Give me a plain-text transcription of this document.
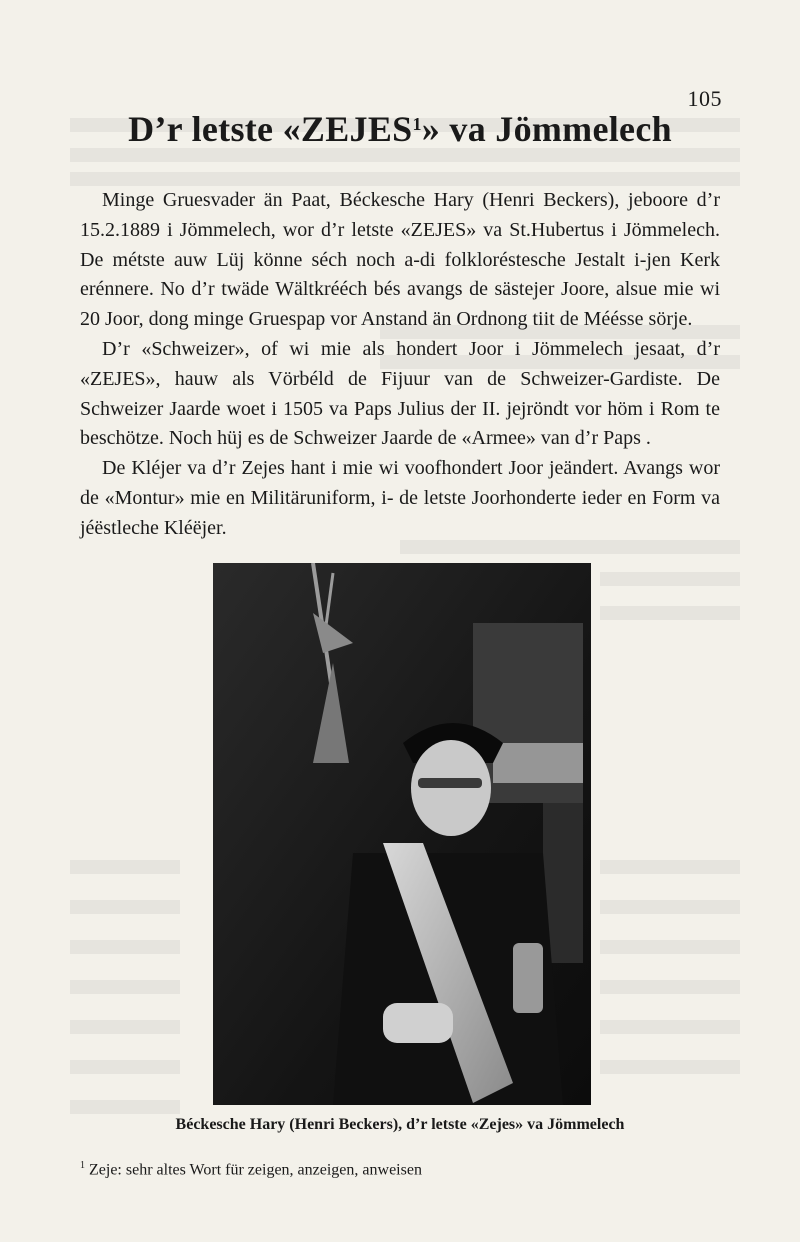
105
D’r letste «ZEJES$^1$» va Jömmelech

Minge Gruesvader än Paat, Béckesche Hary (Henri Beckers), jeboore d’r 15.2.1889 i Jömmelech, wor d’r letste «ZEJES» va St.Hubertus i Jömmelech. De métste auw Lüj könne séch noch a-di folkloréstesche Jestalt i-jen Kerk erénnere. No d’r twäde Wältkrééch bés avangs de sästejer Joore, alsue mie wi 20 Joor, dong minge Gruespap vor Anstand än Ordnong tiit de Méésse sörje.

D’r «Schweizer», of wi mie als hondert Joor i Jömmelech jesaat, d’r «ZEJES», hauw als Vörbéld de Fijuur van de Schweizer-Gardiste. De Schweizer Jaarde woet i 1505 va Paps Julius der II. jejröndt vor höm i Rom te beschötze. Noch hüj es de Schweizer Jaarde de «Armee» van d’r Paps .

De Kléjer va d’r Zejes hant i mie wi voofhondert Joor jeändert. Avangs wor de «Montur» mie en Militäruniform, i- de letste Joorhonderte ieder en Form va jéëstleche Kléëjer.

Béckesche Hary (Henri Beckers), d’r letste «Zejes» va Jömmelech
$^1$ Zeje: sehr altes Wort für zeigen, anzeigen, anweisen
